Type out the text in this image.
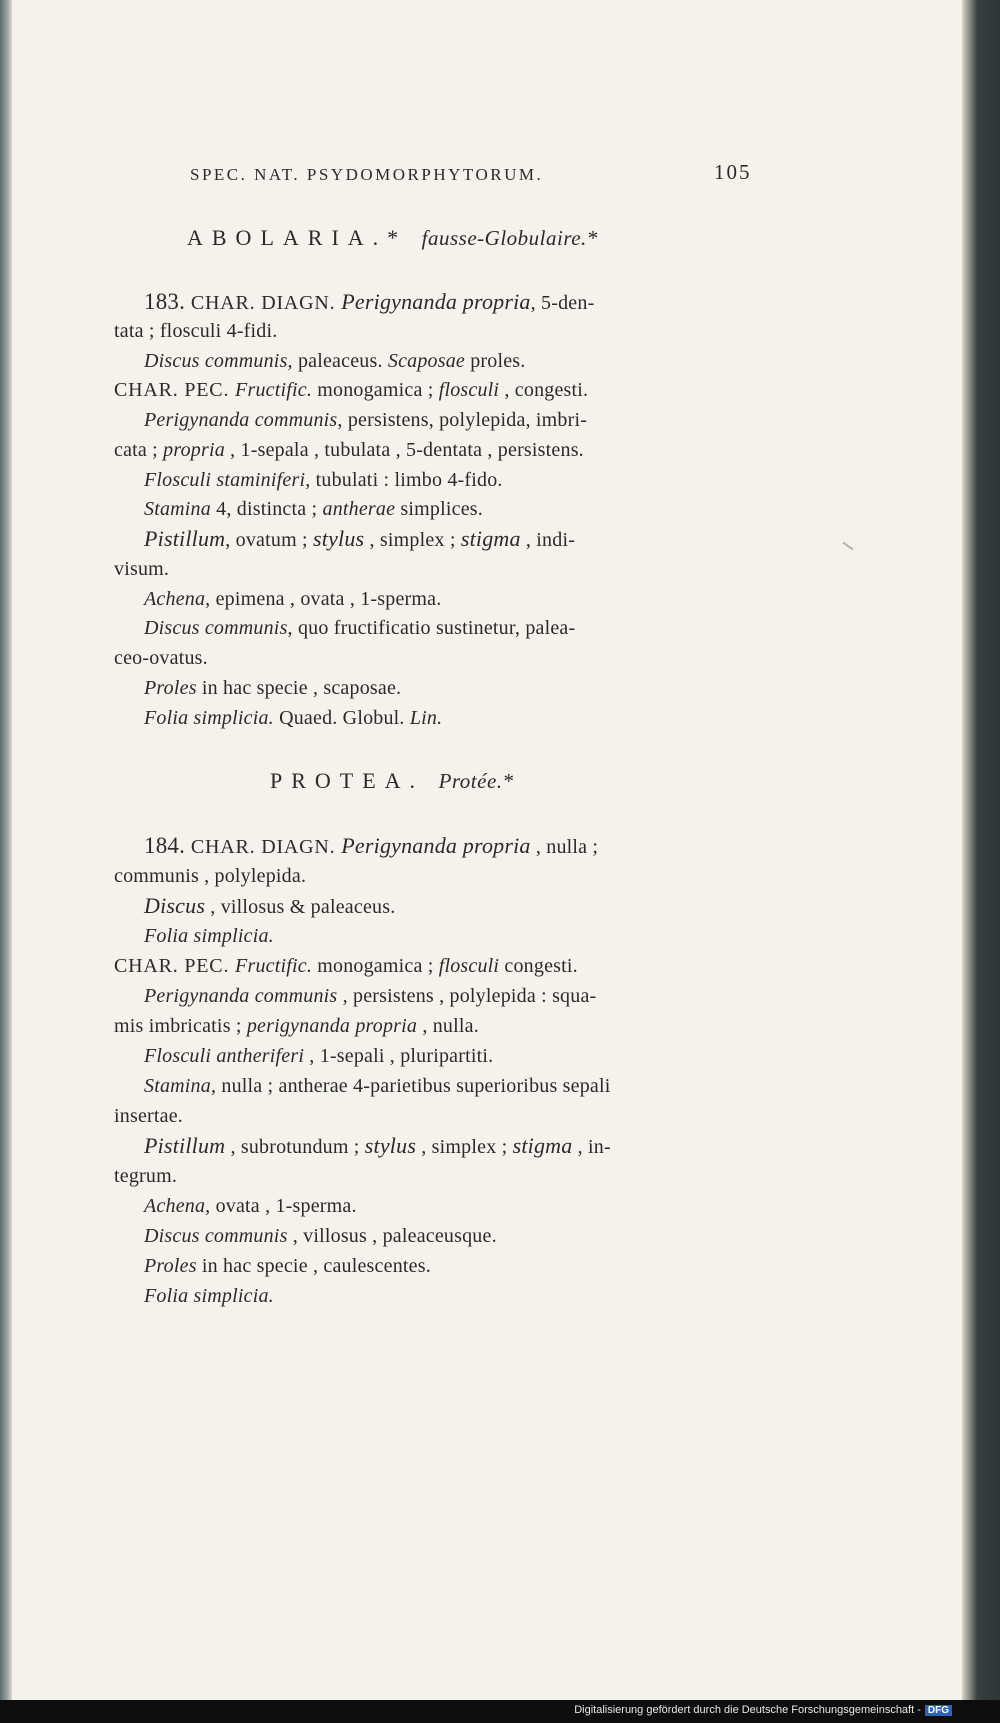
SPEC. NAT. PSYDOMORPHYTORUM.	105
ABOLARIA.* fausse-Globulaire.*
183. CHAR. DIAGN. Perigynanda propria, 5-den-
tata ; flosculi 4-fidi.
Discus communis, paleaceus. Scaposae proles.
CHAR. PEC. Fructific. monogamica ; flosculi , congesti.
Perigynanda communis, persistens, polylepida, imbri-
cata ; propria , 1-sepala , tubulata , 5-dentata , persistens.
Flosculi staminiferi, tubulati : limbo 4-fido.
Stamina 4, distincta ; antherae simplices.
Pistillum, ovatum ; stylus , simplex ; stigma , indi-
visum.
Achena, epimena , ovata , 1-sperma.
Discus communis, quo fructificatio sustinetur, palea-
ceo-ovatus.
Proles in hac specie , scaposae.
Folia simplicia. Quaed. Globul. Lin.
PROTEA. Protée.*
184. CHAR. DIAGN. Perigynanda propria , nulla ;
communis , polylepida.
Discus , villosus & paleaceus.
Folia simplicia.
CHAR. PEC. Fructific. monogamica ; flosculi congesti.
Perigynanda communis , persistens , polylepida : squa-
mis imbricatis ; perigynanda propria , nulla.
Flosculi antheriferi , 1-sepali , pluripartiti.
Stamina, nulla ; antherae 4-parietibus superioribus sepali
insertae.
Pistillum , subrotundum ; stylus , simplex ; stigma , in-
tegrum.
Achena, ovata , 1-sperma.
Discus communis , villosus , paleaceusque.
Proles in hac specie , caulescentes.
Folia simplicia.
Digitalisierung gefördert durch die Deutsche Forschungsgemeinschaft - DFG
